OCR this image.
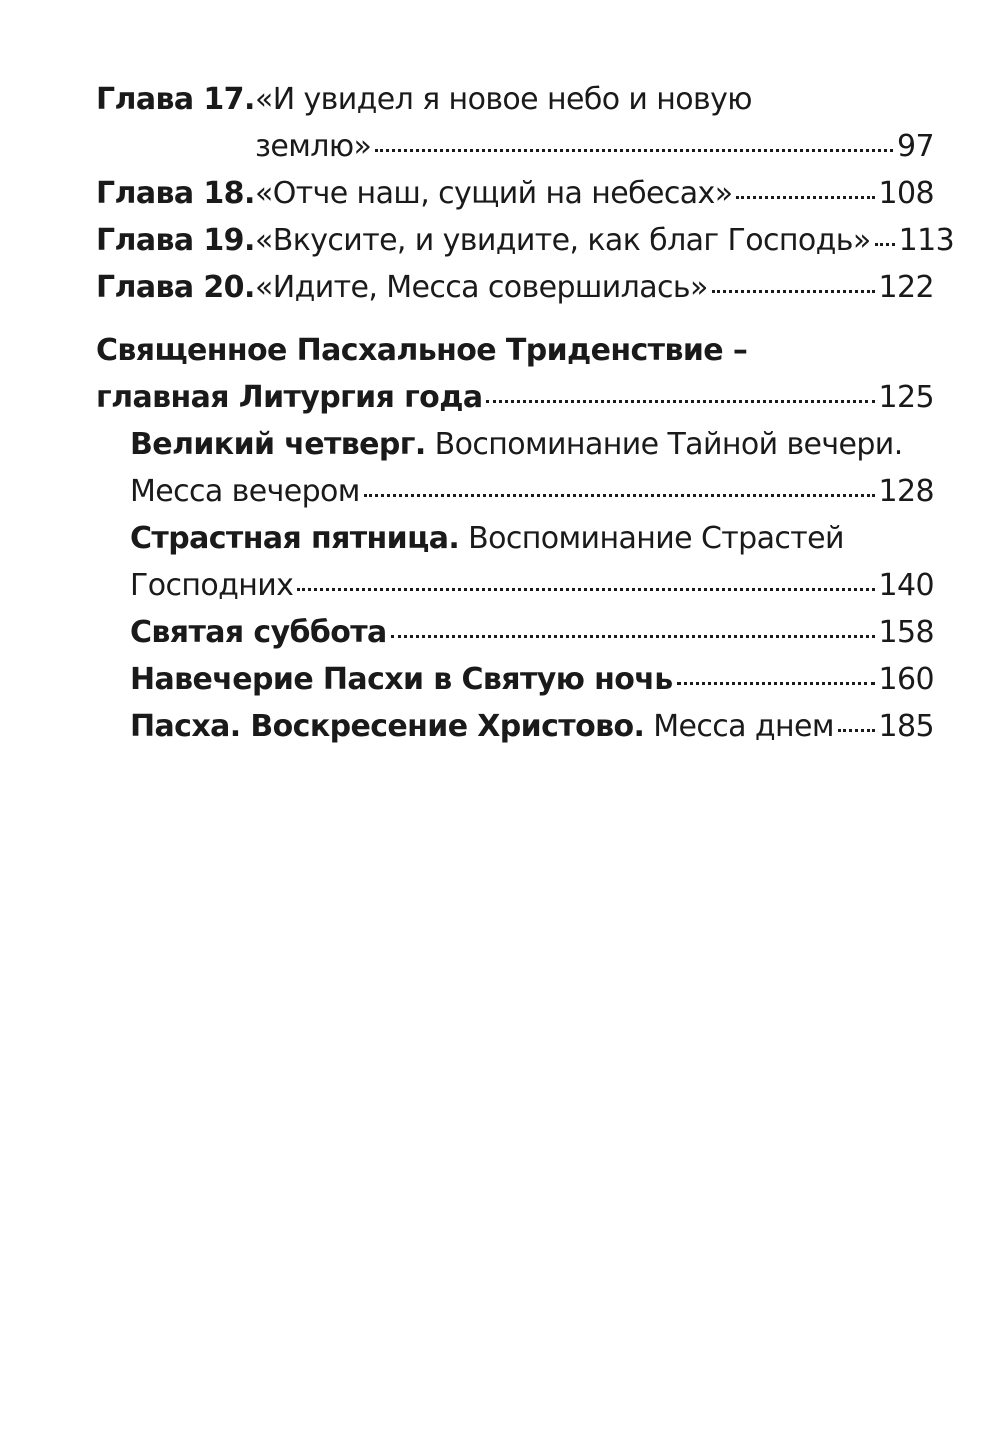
Глава 17. «И увидел я новое небо и новую
землю»	97
Глава 18. «Отче наш, сущий на небесах»	108
Глава 19. «Вкусите, и увидите, как благ Господь» 113
Глава 20. «Идите, Месса совершилась»	122
Священное Пасхальное Триденствие –
главная Литургия года	125
Великий четверг. Воспоминание Тайной вечери.
Месса вечером	128
Страстная пятница. Воспоминание Страстей
Господних	140
Святая суббота	158
Навечерие Пасхи в Святую ночь	160
Пасха. Воскресение Христово. Месса днем 185
